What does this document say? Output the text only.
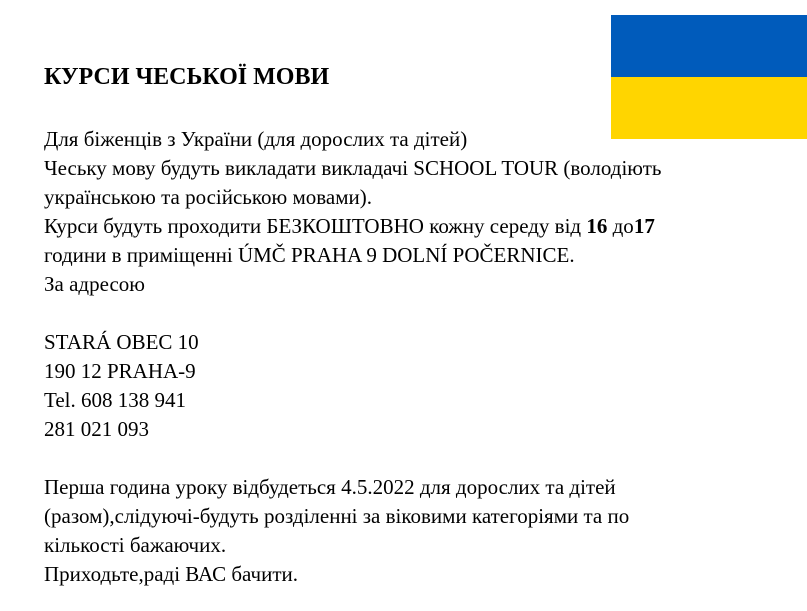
КУРСИ ЧЕСЬКОЇ МОВИ
Для біженців з України (для дорослих та дітей)
Чеську мову будуть викладати викладачі SCHOOL TOUR (володіють
українською та російською мовами).
Курси будуть проходити БЕЗКОШТОВНО кожну середу від 16 до17
години в приміщенні ÚMČ PRAHA 9 DOLNÍ POČERNICE.
За адресою
STARÁ OBEC 10
190 12 PRAHA-9
Tel. 608 138 941
281 021 093
Перша година уроку відбудеться 4.5.2022 для дорослих та дітей
(разом),слідуючі-будуть розділенні за віковими категоріями та по
кількості бажаючих.
Приходьте,раді ВАС бачити.
